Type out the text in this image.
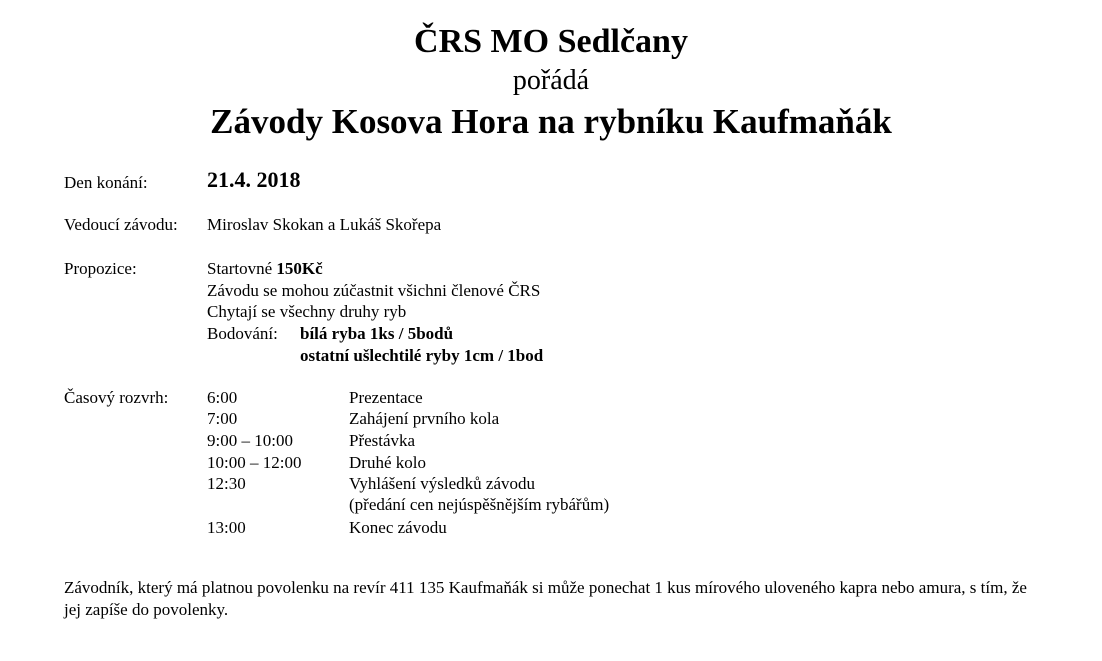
ČRS MO Sedlčany
pořádá
Závody Kosova Hora na rybníku Kaufmaňák
Den konání:	21.4. 2018
Vedoucí závodu: Miroslav Skokan a Lukáš Skořepa
Propozice:	Startovné 150Kč
Závodu se mohou zúčastnit všichni členové ČRS
Chytají se všechny druhy ryb
Bodování: bílá ryba 1ks / 5bodů
ostatní ušlechtilé ryby 1cm / 1bod
Časový rozvrh: 6:00	Prezentace
7:00	Zahájení prvního kola
9:00 – 10:00	Přestávka
10:00 – 12:00	Druhé kolo
12:30	Vyhlášení výsledků závodu
(předání cen nejúspěšnějším rybářům)
13:00	Konec závodu
Závodník, který má platnou povolenku na revír 411 135 Kaufmaňák si může ponechat 1 kus mírového uloveného kapra nebo amura, s tím, že jej zapíše do povolenky.
